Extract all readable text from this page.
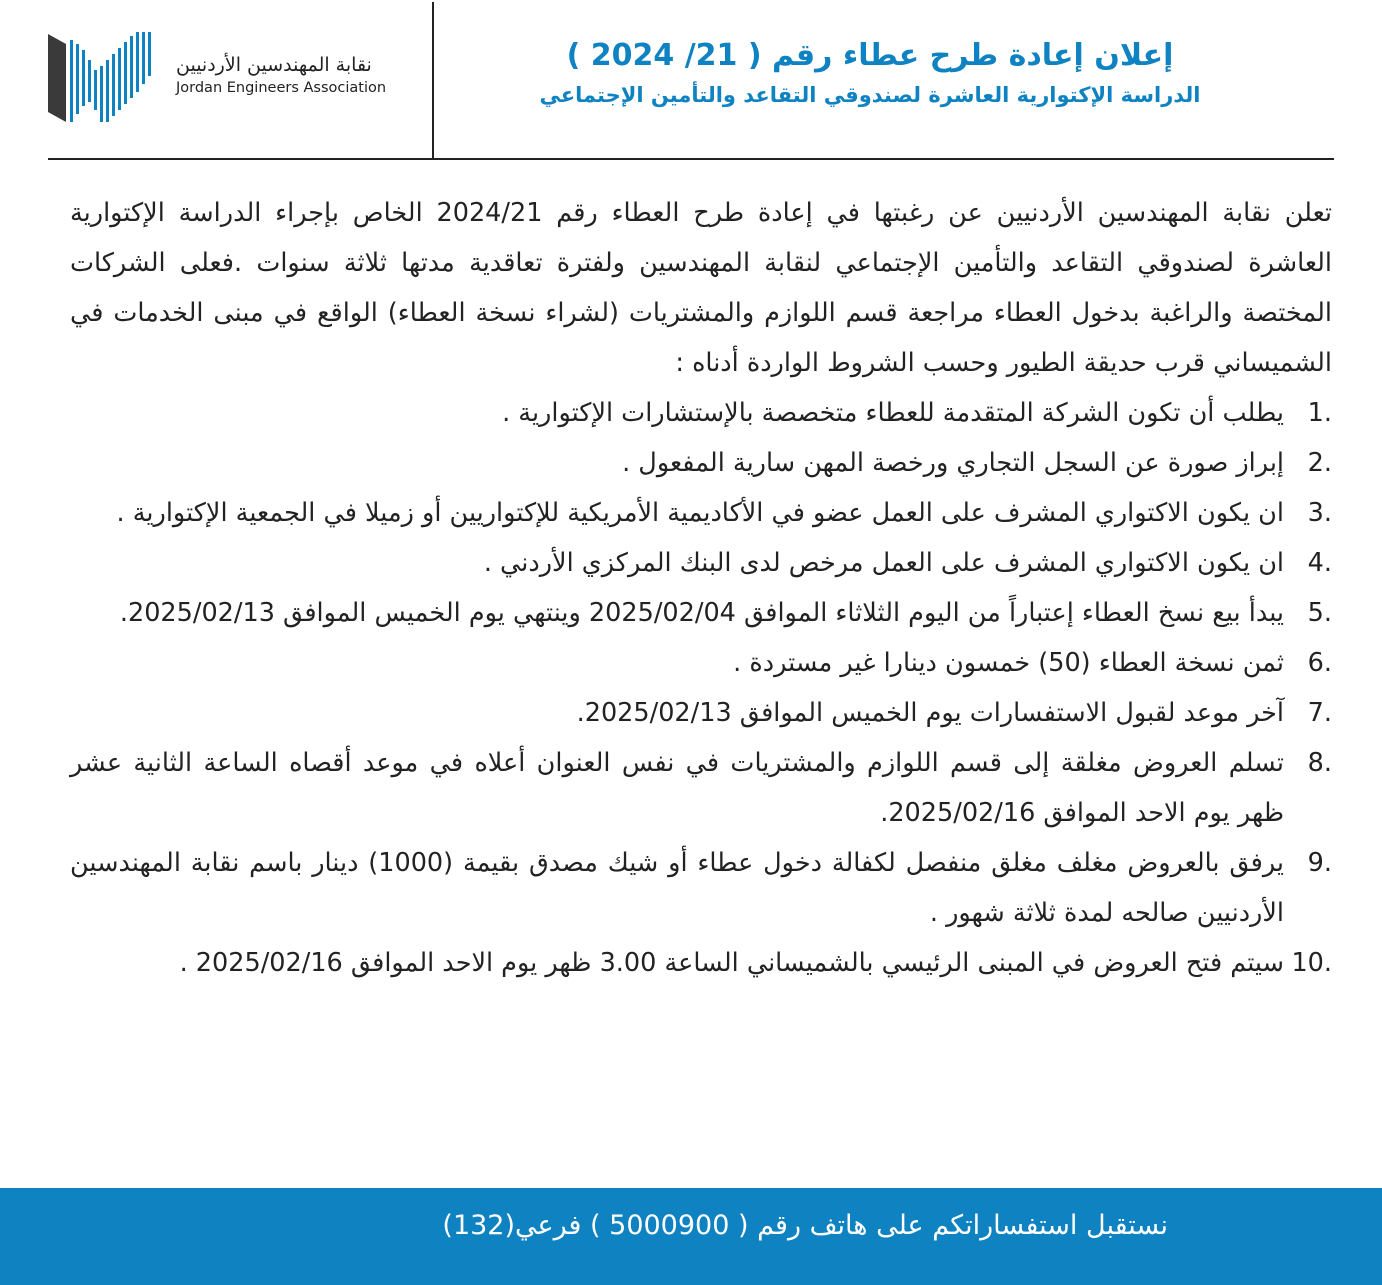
نقابة المهندسين الأردنيين
Jordan Engineers Association

إعلان إعادة طرح عطاء رقم ( 21/ 2024 )

الدراسة الإكتوارية العاشرة لصندوقي التقاعد والتأمين الإجتماعي

تعلن نقابة المهندسين الأردنيين عن رغبتها في إعادة طرح العطاء رقم 2024/21 الخاص بإجراء الدراسة الإكتوارية العاشرة لصندوقي التقاعد والتأمين الإجتماعي لنقابة المهندسين ولفترة تعاقدية مدتها ثلاثة سنوات .فعلى الشركات المختصة والراغبة بدخول العطاء مراجعة قسم اللوازم والمشتريات (لشراء نسخة العطاء) الواقع في مبنى الخدمات في الشميساني قرب حديقة الطيور وحسب الشروط الواردة أدناه :

1.
يطلب أن تكون الشركة المتقدمة للعطاء متخصصة بالإستشارات الإكتوارية .
2.
إبراز صورة عن السجل التجاري ورخصة المهن سارية المفعول .
3.
ان يكون الاكتواري المشرف على العمل عضو في الأكاديمية الأمريكية للإكتواريين أو زميلا في الجمعية الإكتوارية .
4.
ان يكون الاكتواري المشرف على العمل مرخص لدى البنك المركزي الأردني .
5.
يبدأ بيع نسخ العطاء إعتباراً من اليوم الثلاثاء الموافق 2025/02/04 وينتهي يوم الخميس الموافق 2025/02/13.
6.
ثمن نسخة العطاء (50) خمسون دينارا غير مستردة .
7.
آخر موعد لقبول الاستفسارات يوم الخميس الموافق 2025/02/13.
8.
تسلم العروض مغلقة إلى قسم اللوازم والمشتريات في نفس العنوان أعلاه في موعد أقصاه الساعة الثانية عشر ظهر يوم الاحد الموافق 2025/02/16.
9.
يرفق بالعروض مغلف مغلق منفصل لكفالة دخول عطاء أو شيك مصدق بقيمة (1000) دينار باسم نقابة المهندسين الأردنيين صالحه لمدة ثلاثة شهور .
10.
سيتم فتح العروض في المبنى الرئيسي بالشميساني الساعة 3.00 ظهر يوم الاحد الموافق 2025/02/16 .
نستقبل استفساراتكم على هاتف رقم ( 5000900 ) فرعي(132)
